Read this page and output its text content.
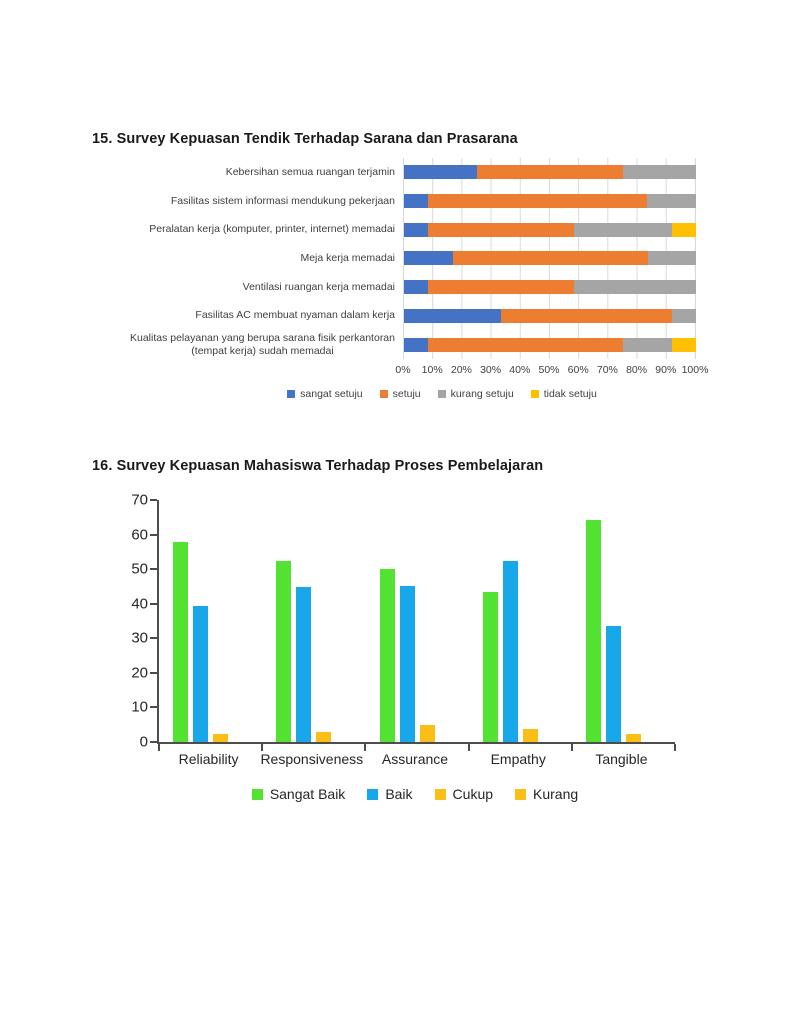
15. Survey Kepuasan Tendik Terhadap Sarana dan Prasarana
Kebersihan semua ruangan terjamin
Fasilitas sistem informasi mendukung pekerjaan
Peralatan kerja (komputer, printer, internet) memadai
Meja kerja memadai
Ventilasi ruangan kerja memadai
Fasilitas AC membuat nyaman dalam kerja
Kualitas pelayanan yang berupa sarana fisik perkantoran
(tempat kerja) sudah memadai
0% 10% 20% 30% 40% 50% 60% 70% 80% 90% 100%
sangat setuju	setuju	kurang setuju	tidak setuju
16. Survey Kepuasan Mahasiswa Terhadap Proses Pembelajaran
0
10
20
30
40
50
60
70
Reliability	Responsiveness	Assurance	Empathy	Tangible
Sangat Baik	Baik	Cukup	Kurang
